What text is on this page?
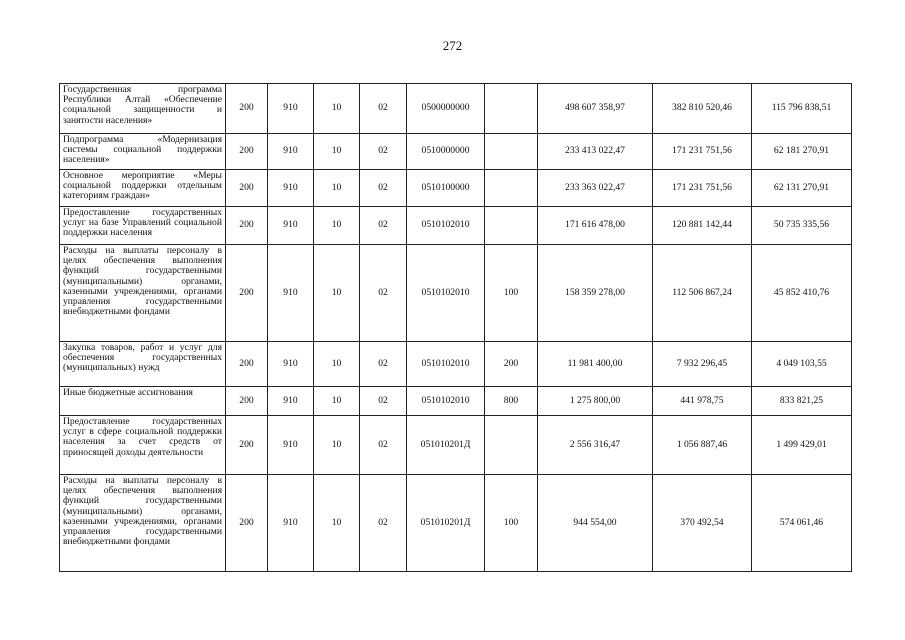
272
Государственная программа Республики Алтай «Обеспечение социальной защищенности и занятости населения»	200	910	10	02	0500000000		498 607 358,97	382 810 520,46	115 796 838,51
Подпрограмма «Модернизация системы социальной поддержки населения»	200	910	10	02	0510000000		233 413 022,47	171 231 751,56	62 181 270,91
Основное мероприятие «Меры социальной поддержки отдельным категориям граждан»	200	910	10	02	0510100000		233 363 022,47	171 231 751,56	62 131 270,91
Предоставление государственных услуг на базе Управлений социальной поддержки населения	200	910	10	02	0510102010		171 616 478,00	120 881 142,44	50 735 335,56
Расходы на выплаты персоналу в целях обеспечения выполнения функций государственными (муниципальными) органами, казенными учреждениями, органами управления государственными внебюджетными фондами	200	910	10	02	0510102010	100	158 359 278,00	112 506 867,24	45 852 410,76
Закупка товаров, работ и услуг для обеспечения государственных (муниципальных) нужд	200	910	10	02	0510102010	200	11 981 400,00	7 932 296,45	4 049 103,55
Иные бюджетные ассигнования	200	910	10	02	0510102010	800	1 275 800,00	441 978,75	833 821,25
Предоставление государственных услуг в сфере социальной поддержки населения за счет средств от приносящей доходы деятельности	200	910	10	02	051010201Д		2 556 316,47	1 056 887,46	1 499 429,01
Расходы на выплаты персоналу в целях обеспечения выполнения функций государственными (муниципальными) органами, казенными учреждениями, органами управления государственными внебюджетными фондами	200	910	10	02	051010201Д	100	944 554,00	370 492,54	574 061,46
